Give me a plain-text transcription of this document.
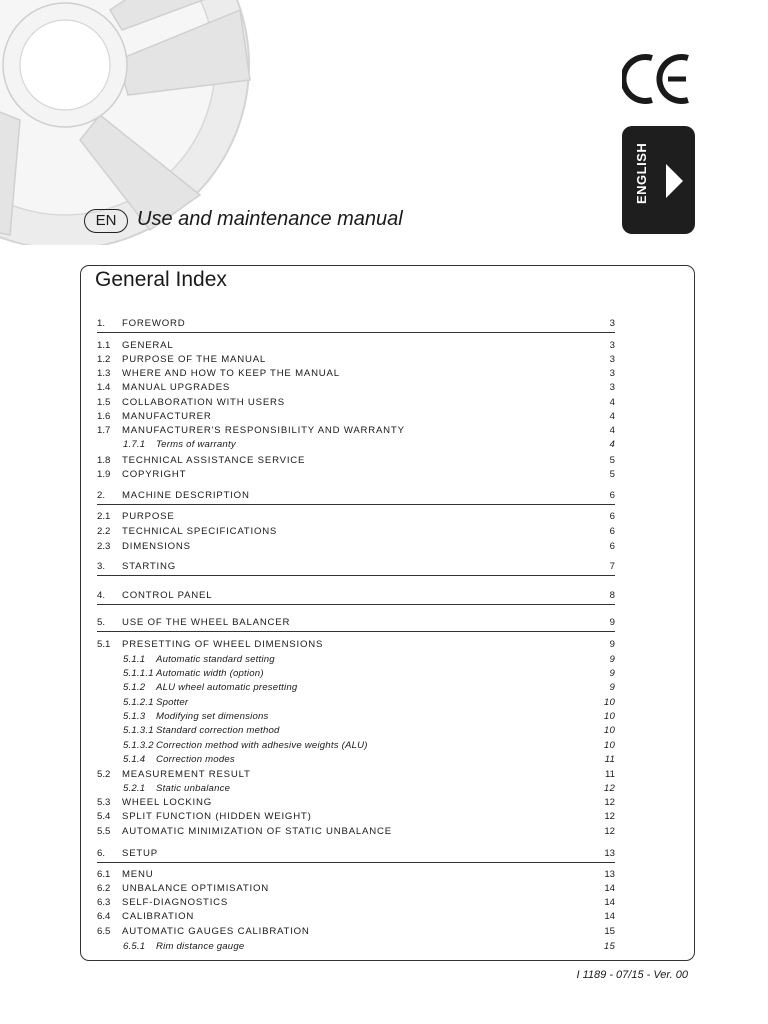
ENGLISH
EN	Use and maintenance manual
General Index
1. FOREWORD	3
1.1 GENERAL	3
1.2 PURPOSE OF THE MANUAL	3
1.3 WHERE AND HOW TO KEEP THE MANUAL	3
1.4 MANUAL UPGRADES	3
1.5 COLLABORATION WITH USERS	4
1.6 MANUFACTURER	4
1.7 MANUFACTURER'S RESPONSIBILITY AND WARRANTY	4
1.7.1 Terms of warranty	4
1.8 TECHNICAL ASSISTANCE SERVICE	5
1.9 COPYRIGHT	5
2. MACHINE DESCRIPTION	6
2.1 PURPOSE	6
2.2 TECHNICAL SPECIFICATIONS	6
2.3 DIMENSIONS	6
3. STARTING	7
4. CONTROL PANEL	8
5. USE OF THE WHEEL BALANCER	9
5.1 PRESETTING OF WHEEL DIMENSIONS	9
5.1.1 Automatic standard setting	9
5.1.1.1 Automatic width (option)	9
5.1.2 ALU wheel automatic presetting	9
5.1.2.1 Spotter	10
5.1.3 Modifying set dimensions	10
5.1.3.1 Standard correction method	10
5.1.3.2 Correction method with adhesive weights (ALU)	10
5.1.4 Correction modes	11
5.2 MEASUREMENT RESULT	11
5.2.1 Static unbalance	12
5.3 WHEEL LOCKING	12
5.4 SPLIT FUNCTION (HIDDEN WEIGHT)	12
5.5 AUTOMATIC MINIMIZATION OF STATIC UNBALANCE	12
6. SETUP	13
6.1 MENU	13
6.2 UNBALANCE OPTIMISATION	14
6.3 SELF-DIAGNOSTICS	14
6.4 CALIBRATION	14
6.5 AUTOMATIC GAUGES CALIBRATION	15
6.5.1 Rim distance gauge	15
I 1189 - 07/15 - Ver. 00
